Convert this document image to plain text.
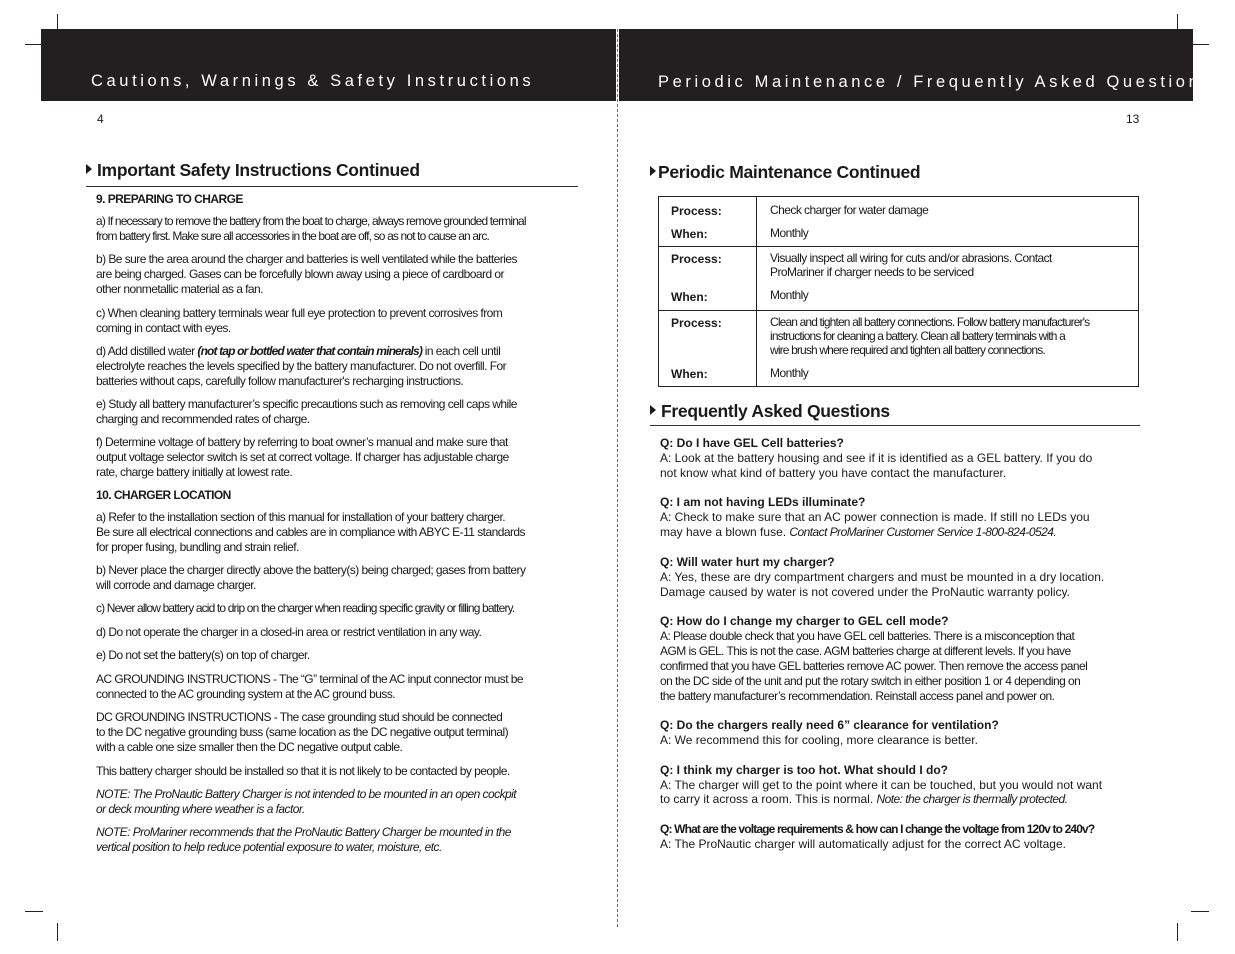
Cautions, Warnings & Safety Instructions	Periodic Maintenance / Frequently Asked Questions
4	13
Important Safety Instructions Continued

9. PREPARING TO CHARGE

a) If necessary to remove the battery from the boat to charge, always remove grounded terminal

from battery first. Make sure all accessories in the boat are off, so as not to cause an arc.

b) Be sure the area around the charger and batteries is well ventilated while the batteries

are being charged. Gases can be forcefully blown away using a piece of cardboard or

other nonmetallic material as a fan.

c) When cleaning battery terminals wear full eye protection to prevent corrosives from

coming in contact with eyes.

d) Add distilled water (not tap or bottled water that contain minerals) in each cell until

electrolyte reaches the levels specified by the battery manufacturer. Do not overfill. For

batteries without caps, carefully follow manufacturer's recharging instructions.

e) Study all battery manufacturer’s specific precautions such as removing cell caps while

charging and recommended rates of charge.

f) Determine voltage of battery by referring to boat owner’s manual and make sure that

output voltage selector switch is set at correct voltage. If charger has adjustable charge

rate, charge battery initially at lowest rate.

10. CHARGER LOCATION

a) Refer to the installation section of this manual for installation of your battery charger.

Be sure all electrical connections and cables are in compliance with ABYC E-11 standards

for proper fusing, bundling and strain relief.

b) Never place the charger directly above the battery(s) being charged; gases from battery

will corrode and damage charger.

c) Never allow battery acid to drip on the charger when reading specific gravity or filling battery.

d) Do not operate the charger in a closed-in area or restrict ventilation in any way.

e) Do not set the battery(s) on top of charger.

AC GROUNDING INSTRUCTIONS - The “G” terminal of the AC input connector must be

connected to the AC grounding system at the AC ground buss.

DC GROUNDING INSTRUCTIONS - The case grounding stud should be connected

to the DC negative grounding buss (same location as the DC negative output terminal)

with a cable one size smaller then the DC negative output cable.

This battery charger should be installed so that it is not likely to be contacted by people.

NOTE: The ProNautic Battery Charger is not intended to be mounted in an open cockpit

or deck mounting where weather is a factor.

NOTE: ProMariner recommends that the ProNautic Battery Charger be mounted in the

vertical position to help reduce potential exposure to water, moisture, etc.

Periodic Maintenance Continued
Process:
When:
Check charger for water damage
Monthly
Process:
When:
Visually inspect all wiring for cuts and/or abrasions. Contact
ProMariner if charger needs to be serviced
Monthly
Process:
When:
Clean and tighten all battery connections. Follow battery manufacturer's
instructions for cleaning a battery. Clean all battery terminals with a
wire brush where required and tighten all battery connections.
Monthly
Frequently Asked Questions

Q: Do I have GEL Cell batteries?

A: Look at the battery housing and see if it is identified as a GEL battery. If you do

not know what kind of battery you have contact the manufacturer.

Q: I am not having LEDs illuminate?

A: Check to make sure that an AC power connection is made. If still no LEDs you

may have a blown fuse. Contact ProMariner Customer Service 1-800-824-0524.

Q: Will water hurt my charger?

A: Yes, these are dry compartment chargers and must be mounted in a dry location.

Damage caused by water is not covered under the ProNautic warranty policy.

Q: How do I change my charger to GEL cell mode?

A: Please double check that you have GEL cell batteries. There is a misconception that

AGM is GEL. This is not the case. AGM batteries charge at different levels. If you have

confirmed that you have GEL batteries remove AC power. Then remove the access panel

on the DC side of the unit and put the rotary switch in either position 1 or 4 depending on

the battery manufacturer’s recommendation. Reinstall access panel and power on.

Q: Do the chargers really need 6” clearance for ventilation?

A: We recommend this for cooling, more clearance is better.

Q: I think my charger is too hot. What should I do?

A: The charger will get to the point where it can be touched, but you would not want

to carry it across a room. This is normal. Note: the charger is thermally protected.

Q: What are the voltage requirements & how can I change the voltage from 120v to 240v?

A: The ProNautic charger will automatically adjust for the correct AC voltage.
